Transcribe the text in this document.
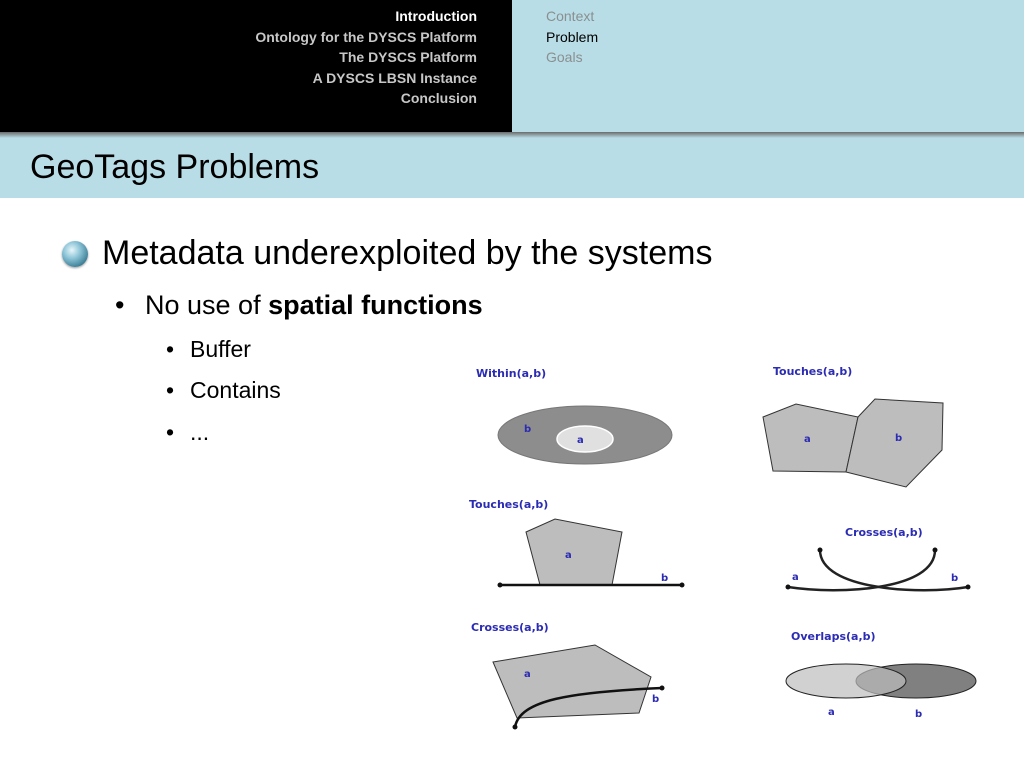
Introduction
Ontology for the DYSCS Platform
The DYSCS Platform
A DYSCS LBSN Instance
Conclusion
Context
Problem
Goals
GeoTags Problems
Metadata underexploited by the systems
• No use of spatial functions
• Buffer
• Contains
• ...
Within(a,b)
b
a
Touches(a,b)
a	b
Touches(a,b)
a
b
Crosses(a,b)
a	b
Crosses(a,b)
a
b
Overlaps(a,b)
a	b
